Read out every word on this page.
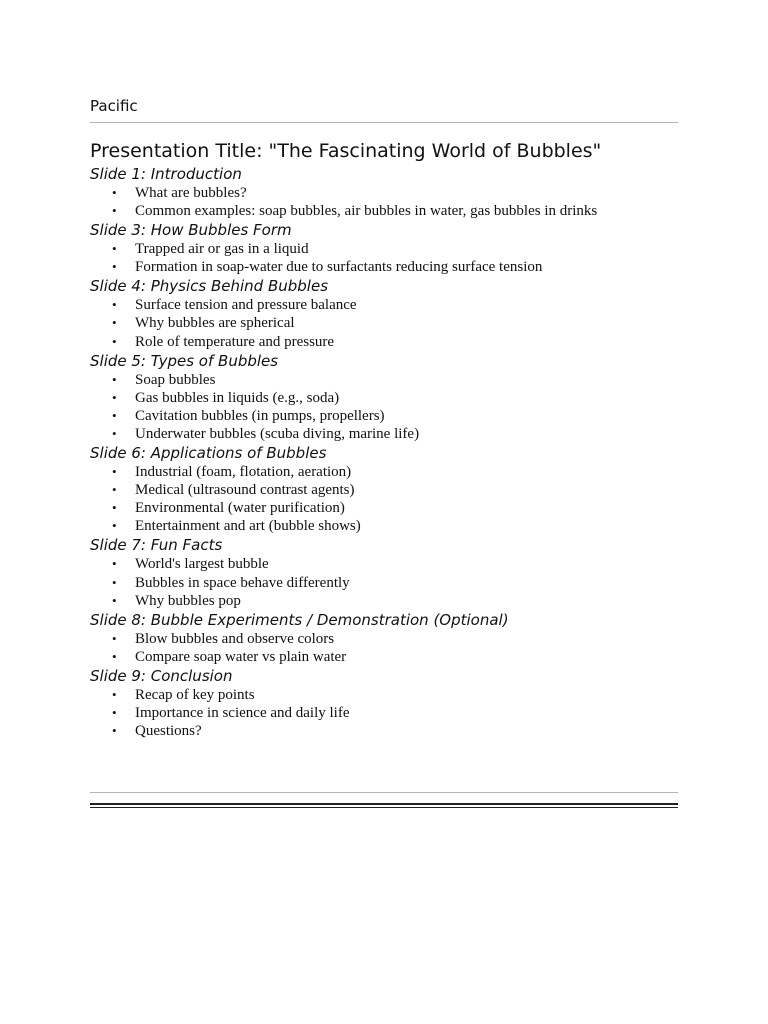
Pacific
Presentation Title: "The Fascinating World of Bubbles"
Slide 1: Introduction
• What are bubbles?
• Common examples: soap bubbles, air bubbles in water, gas bubbles in drinks
Slide 3: How Bubbles Form
• Trapped air or gas in a liquid
• Formation in soap-water due to surfactants reducing surface tension
Slide 4: Physics Behind Bubbles
• Surface tension and pressure balance
• Why bubbles are spherical
• Role of temperature and pressure
Slide 5: Types of Bubbles
• Soap bubbles
• Gas bubbles in liquids (e.g., soda)
• Cavitation bubbles (in pumps, propellers)
• Underwater bubbles (scuba diving, marine life)
Slide 6: Applications of Bubbles
• Industrial (foam, flotation, aeration)
• Medical (ultrasound contrast agents)
• Environmental (water purification)
• Entertainment and art (bubble shows)
Slide 7: Fun Facts
• World's largest bubble
• Bubbles in space behave differently
• Why bubbles pop
Slide 8: Bubble Experiments / Demonstration (Optional)
• Blow bubbles and observe colors
• Compare soap water vs plain water
Slide 9: Conclusion
• Recap of key points
• Importance in science and daily life
• Questions?
